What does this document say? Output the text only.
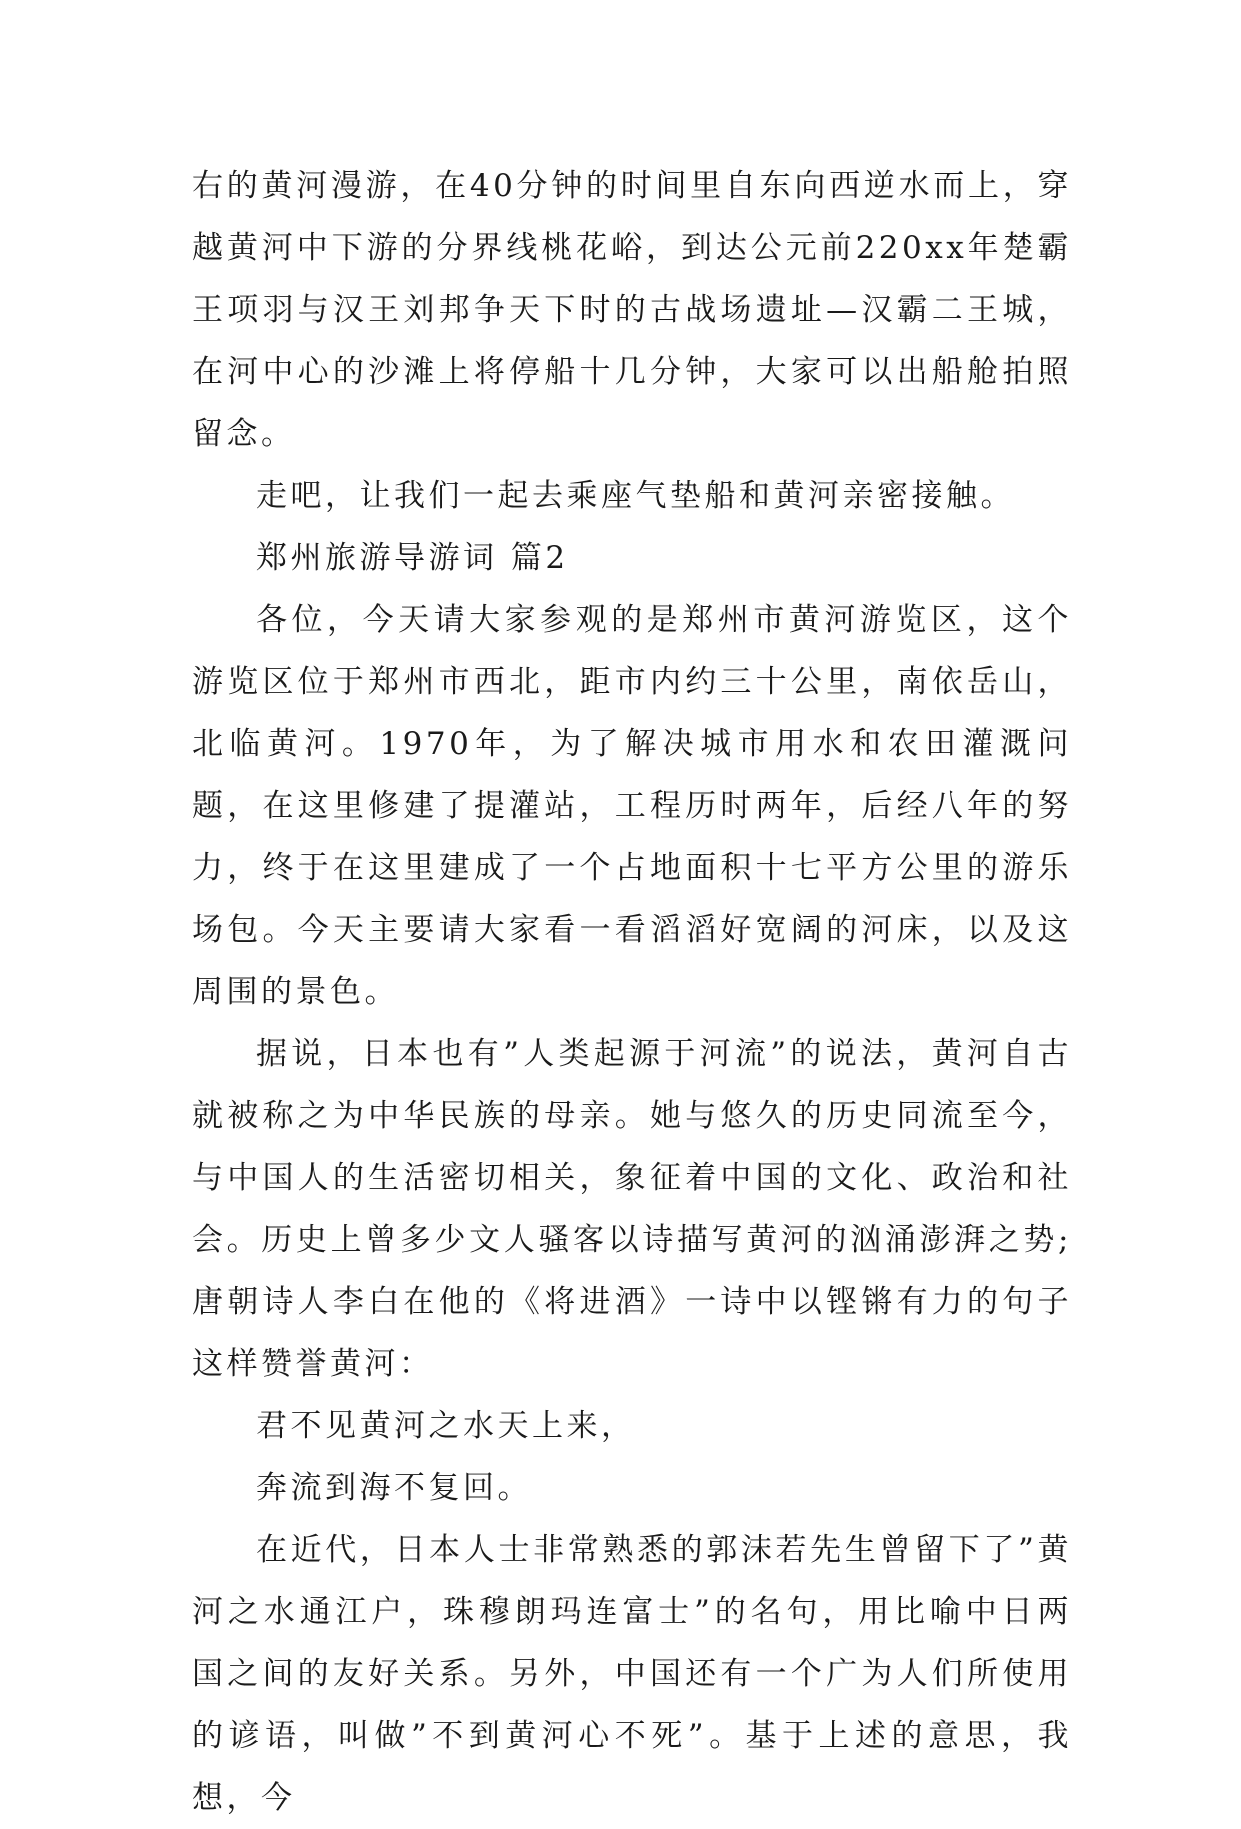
右的黄河漫游，在40分钟的时间里自东向西逆水而上，穿越黄河中下游的分界线桃花峪，到达公元前220xx年楚霸王项羽与汉王刘邦争天下时的古战场遗址—汉霸二王城，在河中心的沙滩上将停船十几分钟，大家可以出船舱拍照留念。

走吧，让我们一起去乘座气垫船和黄河亲密接触。

郑州旅游导游词 篇2

各位，今天请大家参观的是郑州市黄河游览区，这个游览区位于郑州市西北，距市内约三十公里，南依岳山，北临黄河。1970年，为了解决城市用水和农田灌溉问题，在这里修建了提灌站，工程历时两年，后经八年的努力，终于在这里建成了一个占地面积十七平方公里的游乐场包。今天主要请大家看一看滔滔好宽阔的河床，以及这周围的景色。

据说，日本也有”人类起源于河流”的说法，黄河自古就被称之为中华民族的母亲。她与悠久的历史同流至今，与中国人的生活密切相关，象征着中国的文化、政治和社会。历史上曾多少文人骚客以诗描写黄河的汹涌澎湃之势;唐朝诗人李白在他的《将进酒》一诗中以铿锵有力的句子这样赞誉黄河：

君不见黄河之水天上来，

奔流到海不复回。

在近代，日本人士非常熟悉的郭沫若先生曾留下了”黄河之水通江户，珠穆朗玛连富士”的名句，用比喻中日两国之间的友好关系。另外，中国还有一个广为人们所使用的谚语，叫做”不到黄河心不死”。基于上述的意思，我想，今
